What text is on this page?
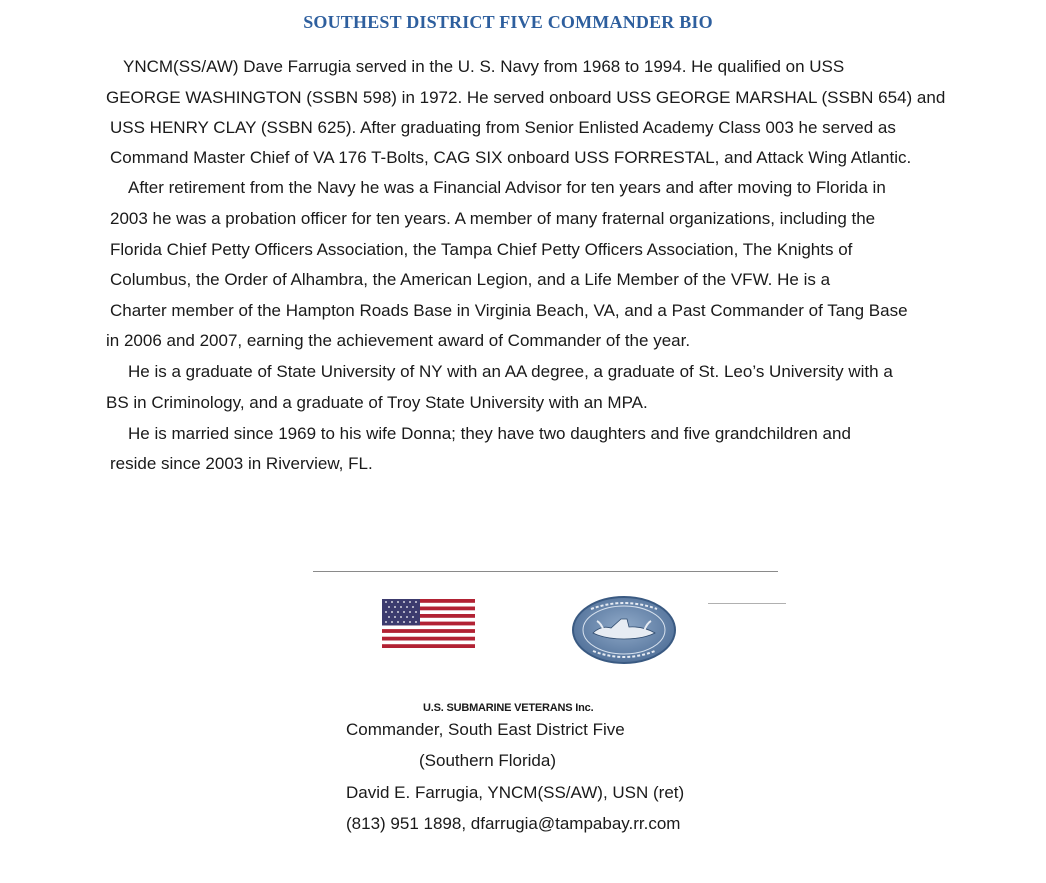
SOUTHEST DISTRICT FIVE COMMANDER BIO
YNCM(SS/AW) Dave Farrugia served in the U. S. Navy from 1968 to 1994. He qualified on USS
GEORGE WASHINGTON (SSBN 598) in 1972. He served onboard USS GEORGE MARSHAL (SSBN 654) and
USS HENRY CLAY (SSBN 625). After graduating from Senior Enlisted Academy Class 003 he served as
Command Master Chief of VA 176 T-Bolts, CAG SIX onboard USS FORRESTAL, and Attack Wing Atlantic.
After retirement from the Navy he was a Financial Advisor for ten years and after moving to Florida in
2003 he was a probation officer for ten years. A member of many fraternal organizations, including the
Florida Chief Petty Officers Association, the Tampa Chief Petty Officers Association, The Knights of
Columbus, the Order of Alhambra, the American Legion, and a Life Member of the VFW. He is a
Charter member of the Hampton Roads Base in Virginia Beach, VA, and a Past Commander of Tang Base
in 2006 and 2007, earning the achievement award of Commander of the year.
He is a graduate of State University of NY with an AA degree, a graduate of St. Leo’s University with a
BS in Criminology, and a graduate of Troy State University with an MPA.
He is married since 1969 to his wife Donna; they have two daughters and five grandchildren and
reside since 2003 in Riverview, FL.
U.S. SUBMARINE VETERANS Inc.
Commander, South East District Five
(Southern Florida)
David E. Farrugia, YNCM(SS/AW), USN (ret)
(813) 951 1898, dfarrugia@tampabay.rr.com
